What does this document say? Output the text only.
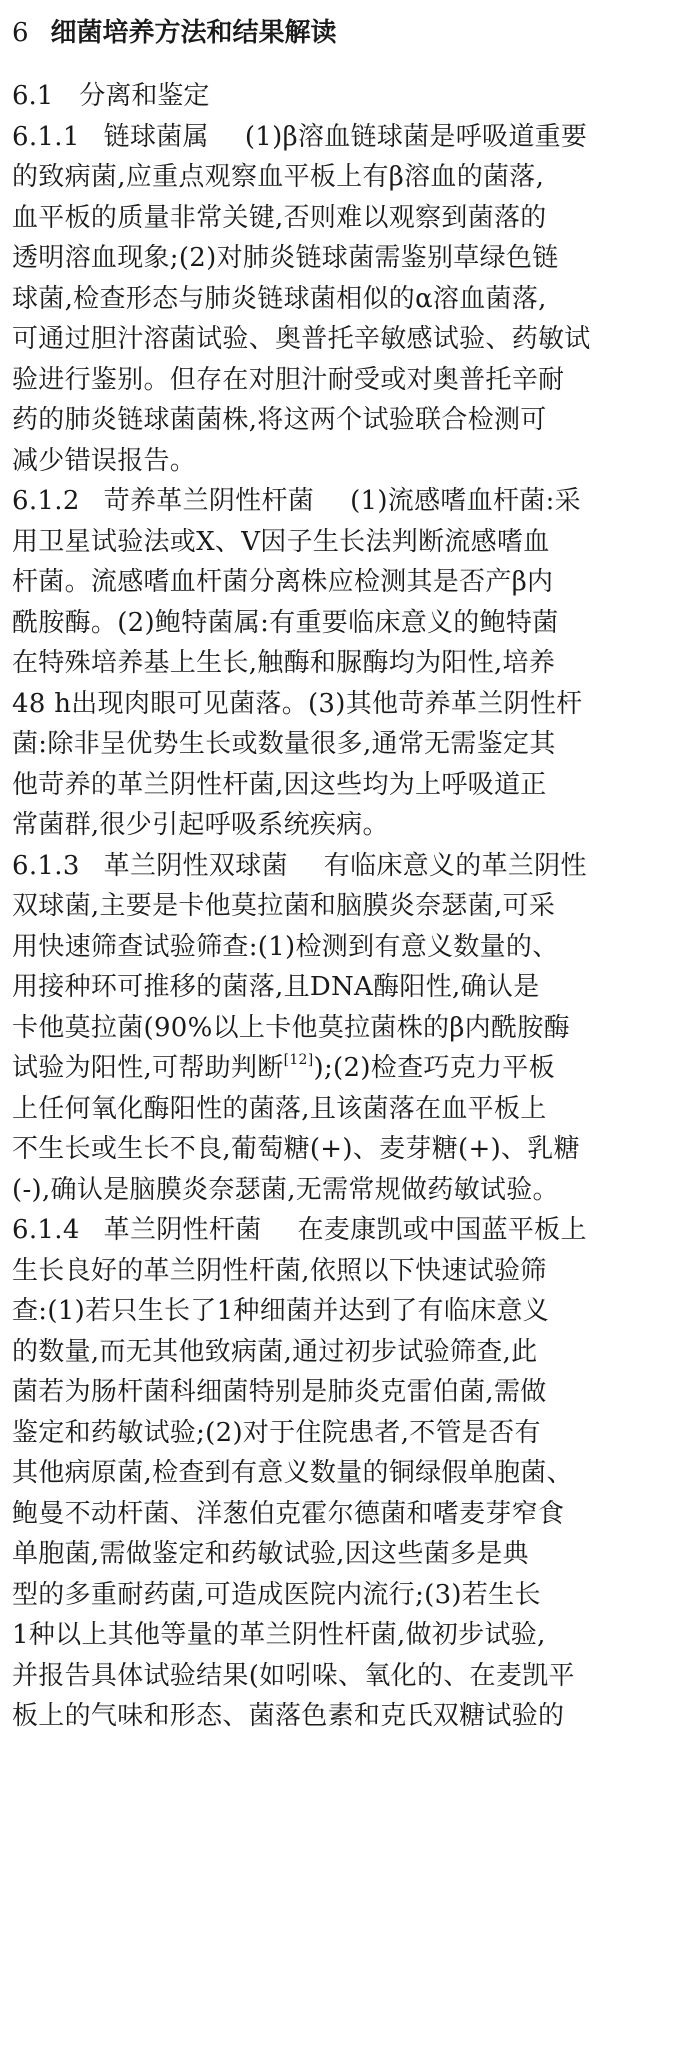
6 细菌培养方法和结果解读
6.1 分离和鉴定
6.1.1 链球菌属 (1)β溶血链球菌是呼吸道重要
的致病菌,应重点观察血平板上有β溶血的菌落,
血平板的质量非常关键,否则难以观察到菌落的
透明溶血现象;(2)对肺炎链球菌需鉴别草绿色链
球菌,检查形态与肺炎链球菌相似的α溶血菌落,
可通过胆汁溶菌试验、奥普托辛敏感试验、药敏试
验进行鉴别。但存在对胆汁耐受或对奥普托辛耐
药的肺炎链球菌菌株,将这两个试验联合检测可
减少错误报告。
6.1.2 苛养革兰阴性杆菌 (1)流感嗜血杆菌:采
用卫星试验法或X、V因子生长法判断流感嗜血
杆菌。流感嗜血杆菌分离株应检测其是否产β内
酰胺酶。(2)鲍特菌属:有重要临床意义的鲍特菌
在特殊培养基上生长,触酶和脲酶均为阳性,培养
48 h出现肉眼可见菌落。(3)其他苛养革兰阴性杆
菌:除非呈优势生长或数量很多,通常无需鉴定其
他苛养的革兰阴性杆菌,因这些均为上呼吸道正
常菌群,很少引起呼吸系统疾病。
6.1.3 革兰阴性双球菌 有临床意义的革兰阴性
双球菌,主要是卡他莫拉菌和脑膜炎奈瑟菌,可采
用快速筛查试验筛查:(1)检测到有意义数量的、
用接种环可推移的菌落,且DNA酶阳性,确认是
卡他莫拉菌(90%以上卡他莫拉菌株的β内酰胺酶
试验为阳性,可帮助判断[12]);(2)检查巧克力平板
上任何氧化酶阳性的菌落,且该菌落在血平板上
不生长或生长不良,葡萄糖(+)、麦芽糖(+)、乳糖
(-),确认是脑膜炎奈瑟菌,无需常规做药敏试验。
6.1.4 革兰阴性杆菌 在麦康凯或中国蓝平板上
生长良好的革兰阴性杆菌,依照以下快速试验筛
查:(1)若只生长了1种细菌并达到了有临床意义
的数量,而无其他致病菌,通过初步试验筛查,此
菌若为肠杆菌科细菌特别是肺炎克雷伯菌,需做
鉴定和药敏试验;(2)对于住院患者,不管是否有
其他病原菌,检查到有意义数量的铜绿假单胞菌、
鲍曼不动杆菌、洋葱伯克霍尔德菌和嗜麦芽窄食
单胞菌,需做鉴定和药敏试验,因这些菌多是典
型的多重耐药菌,可造成医院内流行;(3)若生长
1种以上其他等量的革兰阴性杆菌,做初步试验,
并报告具体试验结果(如吲哚、氧化的、在麦凯平
板上的气味和形态、菌落色素和克氏双糖试验的
